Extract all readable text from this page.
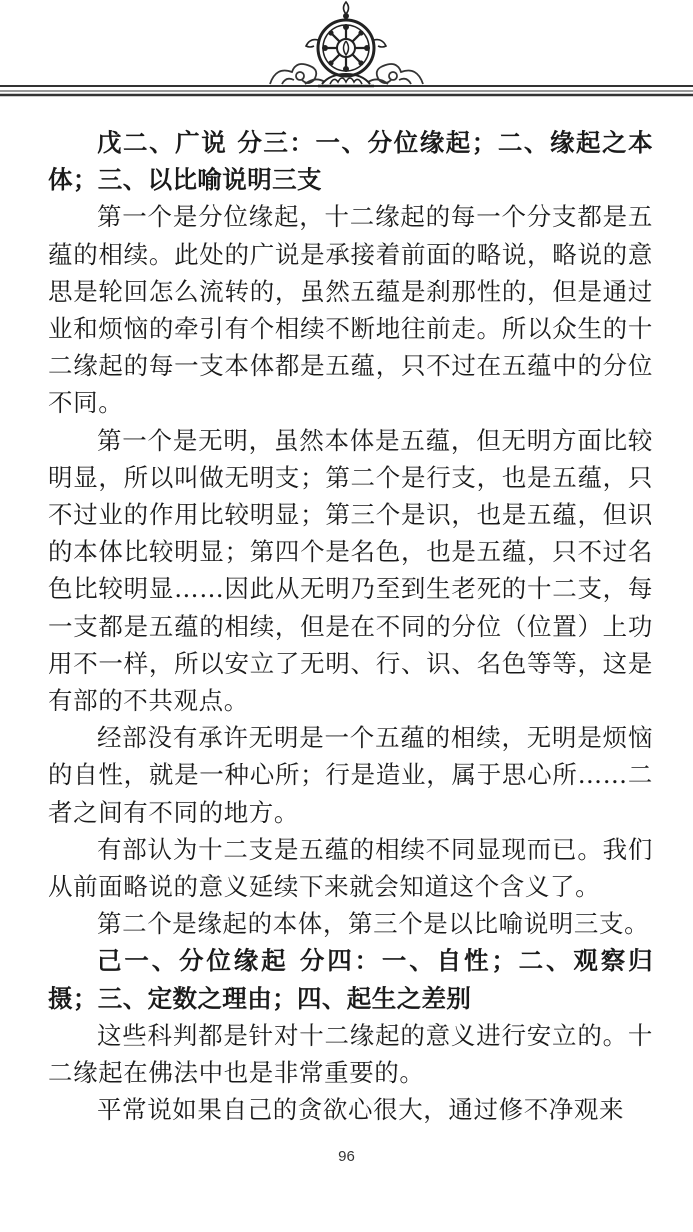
戊二、广说 分三：一、分位缘起；二、缘起之本体；三、以比喻说明三支

第一个是分位缘起，十二缘起的每一个分支都是五蕴的相续。此处的广说是承接着前面的略说，略说的意思是轮回怎么流转的，虽然五蕴是刹那性的，但是通过业和烦恼的牵引有个相续不断地往前走。所以众生的十二缘起的每一支本体都是五蕴，只不过在五蕴中的分位不同。

第一个是无明，虽然本体是五蕴，但无明方面比较明显，所以叫做无明支；第二个是行支，也是五蕴，只不过业的作用比较明显；第三个是识，也是五蕴，但识的本体比较明显；第四个是名色，也是五蕴，只不过名色比较明显……因此从无明乃至到生老死的十二支，每一支都是五蕴的相续，但是在不同的分位（位置）上功用不一样，所以安立了无明、行、识、名色等等，这是有部的不共观点。

经部没有承许无明是一个五蕴的相续，无明是烦恼的自性，就是一种心所；行是造业，属于思心所……二者之间有不同的地方。

有部认为十二支是五蕴的相续不同显现而已。我们从前面略说的意义延续下来就会知道这个含义了。

第二个是缘起的本体，第三个是以比喻说明三支。

己一、分位缘起 分四：一、自性；二、观察归摄；三、定数之理由；四、起生之差别

这些科判都是针对十二缘起的意义进行安立的。十二缘起在佛法中也是非常重要的。

平常说如果自己的贪欲心很大，通过修不净观来

96
